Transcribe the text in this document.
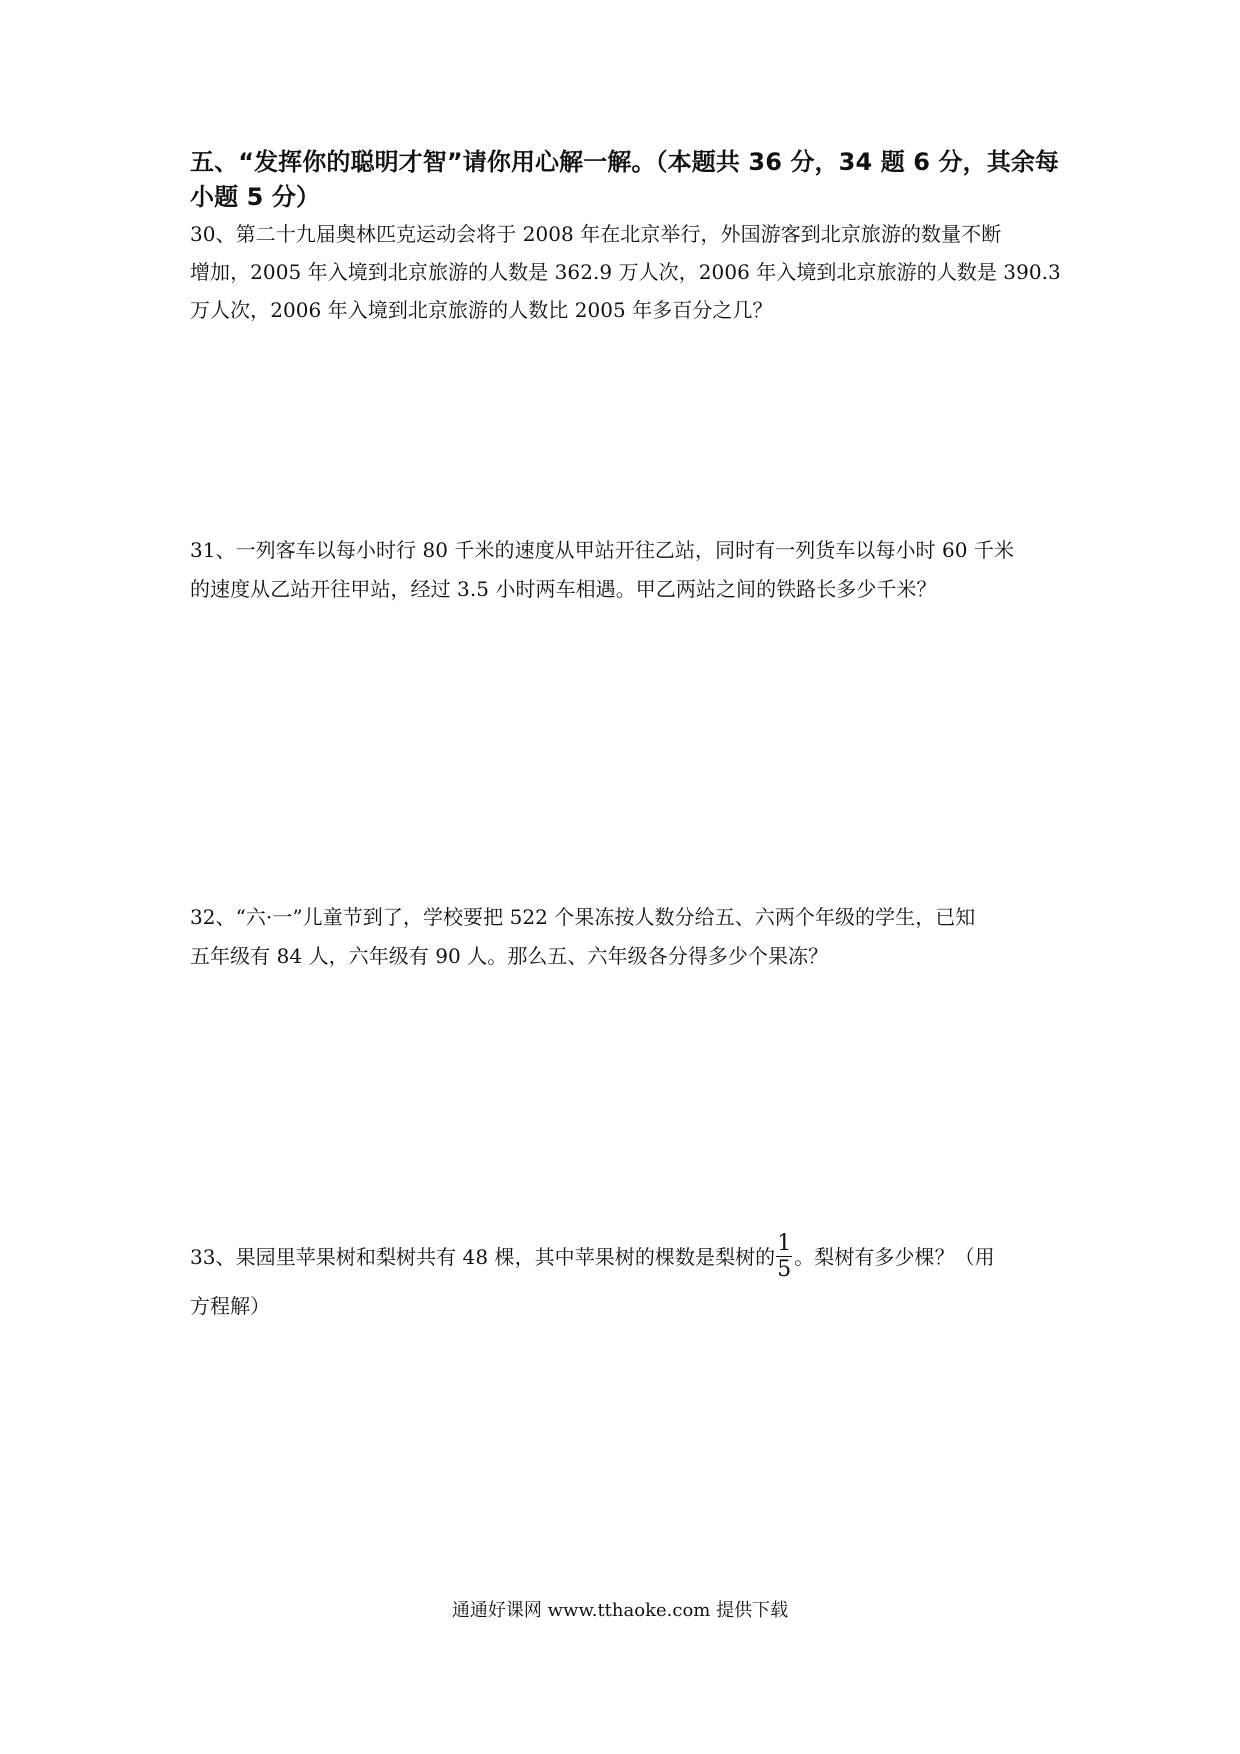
五、“发挥你的聪明才智”请你用心解一解。（本题共 36 分，34 题 6 分，其余每
小题 5 分）
30、第二十九届奥林匹克运动会将于 2008 年在北京举行，外国游客到北京旅游的数量不断
增加，2005 年入境到北京旅游的人数是 362.9 万人次，2006 年入境到北京旅游的人数是 390.3
万人次，2006 年入境到北京旅游的人数比 2005 年多百分之几？
31、一列客车以每小时行 80 千米的速度从甲站开往乙站，同时有一列货车以每小时 60 千米
的速度从乙站开往甲站，经过 3.5 小时两车相遇。甲乙两站之间的铁路长多少千米？
32、“六·一”儿童节到了，学校要把 522 个果冻按人数分给五、六两个年级的学生，已知
五年级有 84 人，六年级有 90 人。那么五、六年级各分得多少个果冻？
33、果园里苹果树和梨树共有 48 棵，其中苹果树的棵数是梨树的 $\frac{1}{5}$ 。梨树有多少棵？（用
方程解）
通通好课网 www.tthaoke.com 提供下载
